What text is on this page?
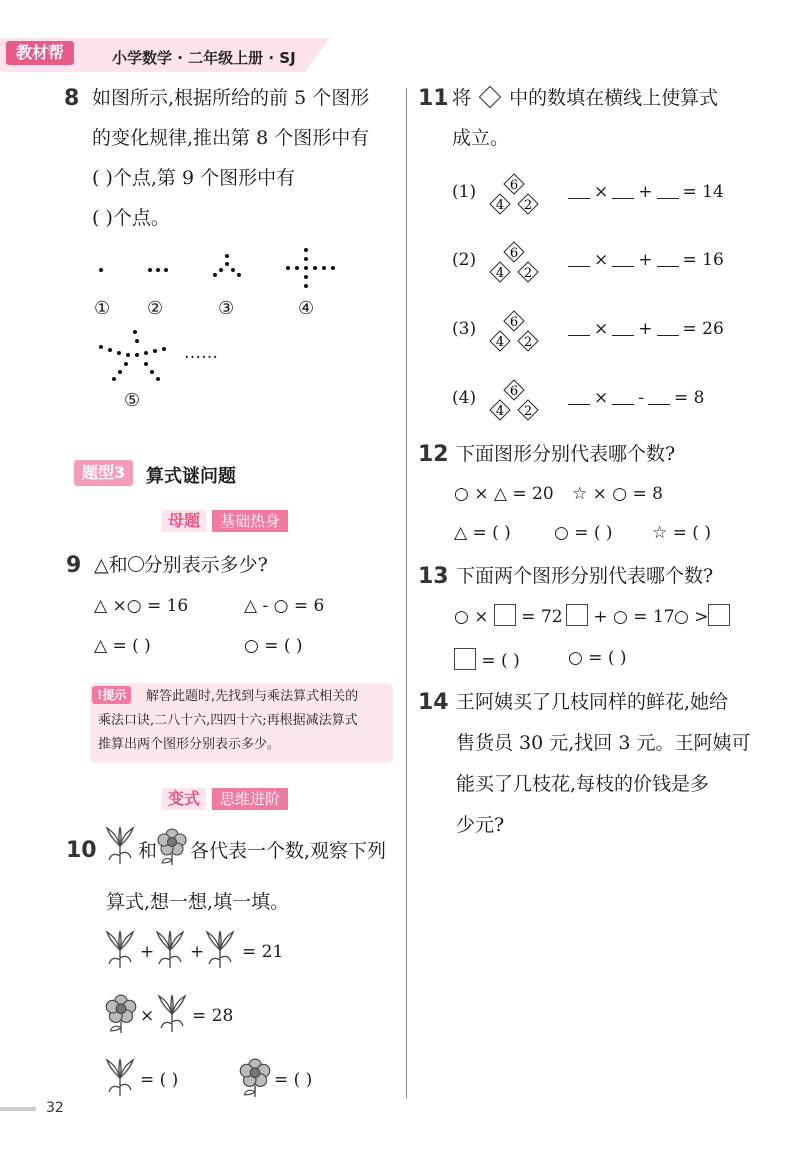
教材帮	小学数学 · 二年级上册 · SJ
8 如图所示,根据所给的前 5 个图形
的变化规律,推出第 8 个图形中有
( )个点,第 9 个图形中有
( )个点。
……
① ②	③	④
⑤
题型3	算式谜问题
母题	基础热身
9 △和 分别表示多少?
△ ×○ = 16	△ - ○ = 6
△ = ( )	○ = ( )
!提示	解答此题时,先找到与乘法算式相关的
乘法口诀,二八十六,四四十六;再根据减法算式
推算出两个图形分别表示多少。
变式	思维进阶
10 和 各代表一个数,观察下列
算式,想一想,填一填。
+ + = 21
× = 28
= ( )	= ( )
11 将 中的数填在横线上使算式
成立。
(1)	6
4 2
× + = 14
(2)	6
4 2
× + = 16
(3)	6
4 2
× + = 26
(4)	6
4 2
× - = 8
12 下面图形分别代表哪个数?
○ × △ = 20 ☆ × ○ = 8
△ = ( )	○ = ( ) ☆ = ( )
13 下面两个图形分别代表哪个数?
○ × = 72	+ ○ = 17 ○ >
= ( )	○ = ( )
14 王阿姨买了几枝同样的鲜花,她给
售货员 30 元,找回 3 元。王阿姨可
能买了几枝花,每枝的价钱是多
少元?
32
